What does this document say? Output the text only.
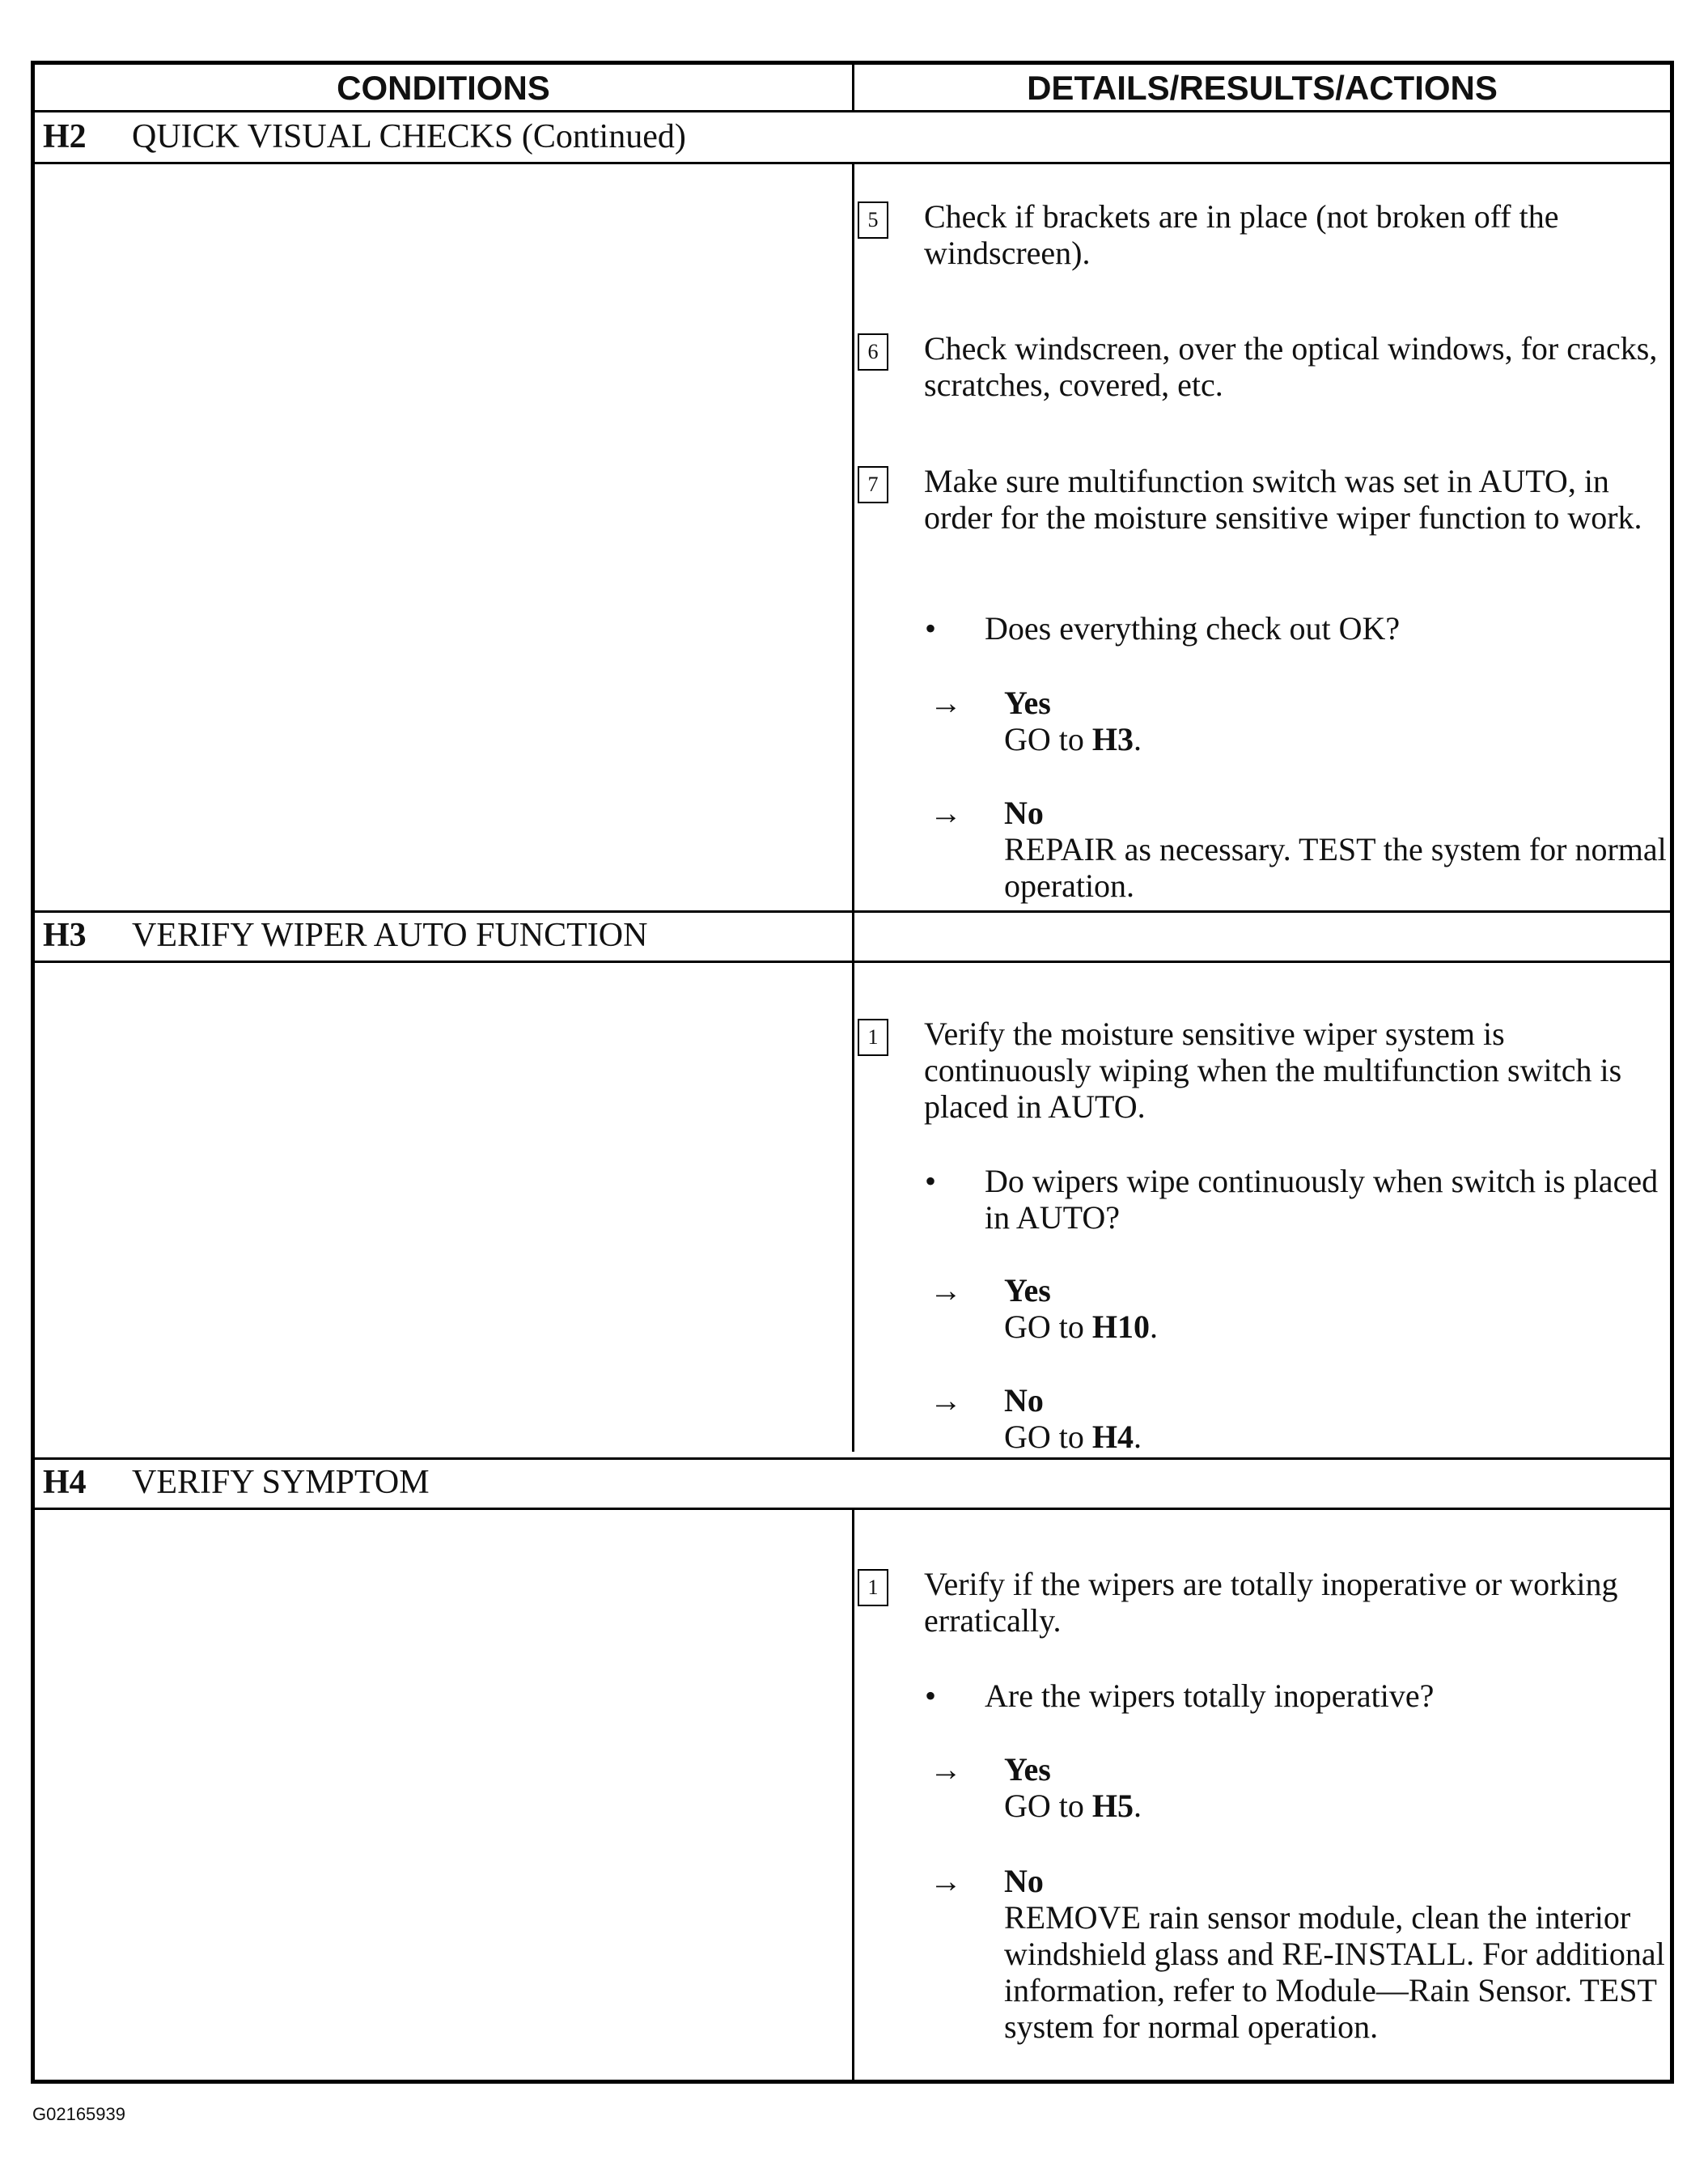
CONDITIONS	DETAILS/RESULTS/ACTIONS
H2	QUICK VISUAL CHECKS (Continued)
5	Check if brackets are in place (not broken off the windscreen).
6	Check windscreen, over the optical windows, for cracks, scratches, covered, etc.
7	Make sure multifunction switch was set in AUTO, in order for the moisture sensitive wiper function to work.
• Does everything check out OK?
→ Yes
GO to H3.
→ No
REPAIR as necessary. TEST the system for normal operation.
H3	VERIFY WIPER AUTO FUNCTION
1	Verify the moisture sensitive wiper system is continuously wiping when the multifunction switch is placed in AUTO.
• Do wipers wipe continuously when switch is placed in AUTO?
→ Yes
GO to H10.
→ No
GO to H4.
H4	VERIFY SYMPTOM
1	Verify if the wipers are totally inoperative or working erratically.
• Are the wipers totally inoperative?
→ Yes
GO to H5.
→ No
REMOVE rain sensor module, clean the interior windshield glass and RE-INSTALL. For additional information, refer to Module—Rain Sensor. TEST system for normal operation.
G02165939
